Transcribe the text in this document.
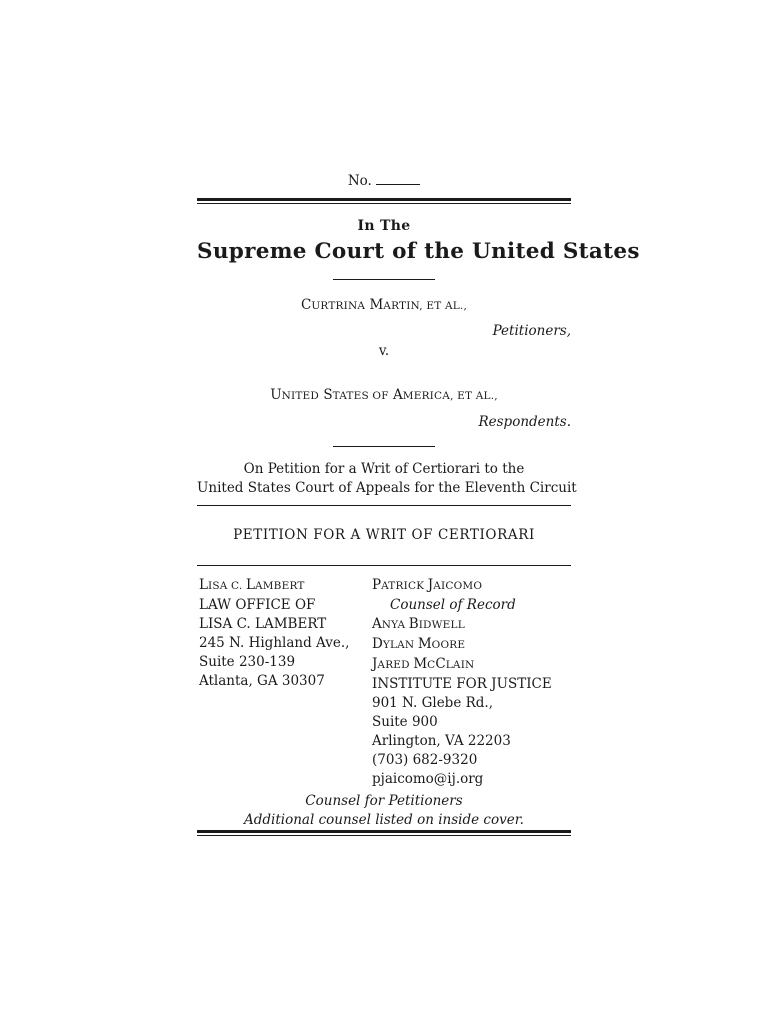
No.
In The
Supreme Court of the United States
CURTRINA MARTIN, ET AL.,
Petitioners,
v.
UNITED STATES OF AMERICA, ET AL.,
Respondents.
On Petition for a Writ of Certiorari to the
United States Court of Appeals for the Eleventh Circuit
PETITION FOR A WRIT OF CERTIORARI
LISA C. LAMBERT
LAW OFFICE OF
LISA C. LAMBERT
245 N. Highland Ave.,
Suite 230-139
Atlanta, GA 30307
PATRICK JAICOMO
Counsel of Record
ANYA BIDWELL
DYLAN MOORE
JARED MCCLAIN
INSTITUTE FOR JUSTICE
901 N. Glebe Rd.,
Suite 900
Arlington, VA 22203
(703) 682-9320
pjaicomo@ij.org
Counsel for Petitioners
Additional counsel listed on inside cover.
